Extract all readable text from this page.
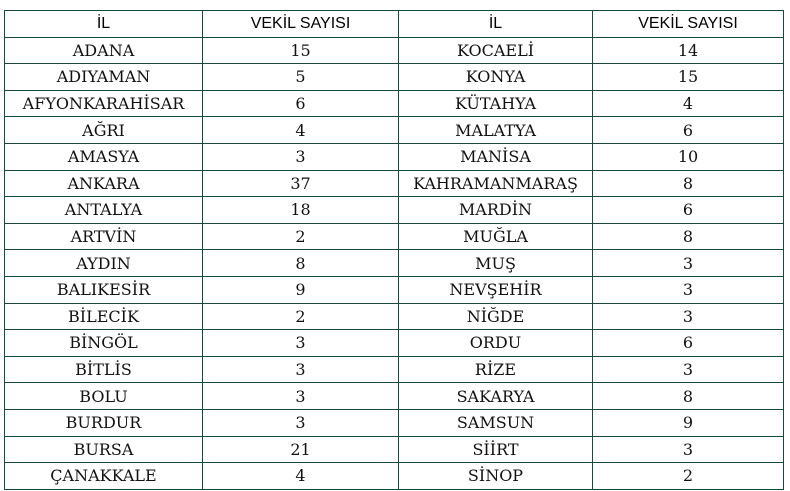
İL	VEKİL SAYISI	İL	VEKİL SAYISI
ADANA	15	KOCAELİ	14
ADIYAMAN	5	KONYA	15
AFYONKARAHİSAR	6	KÜTAHYA	4
AĞRI	4	MALATYA	6
AMASYA	3	MANİSA	10
ANKARA	37	KAHRAMANMARAŞ	8
ANTALYA	18	MARDİN	6
ARTVİN	2	MUĞLA	8
AYDIN	8	MUŞ	3
BALIKESİR	9	NEVŞEHİR	3
BİLECİK	2	NİĞDE	3
BİNGÖL	3	ORDU	6
BİTLİS	3	RİZE	3
BOLU	3	SAKARYA	8
BURDUR	3	SAMSUN	9
BURSA	21	SİİRT	3
ÇANAKKALE	4	SİNOP	2
